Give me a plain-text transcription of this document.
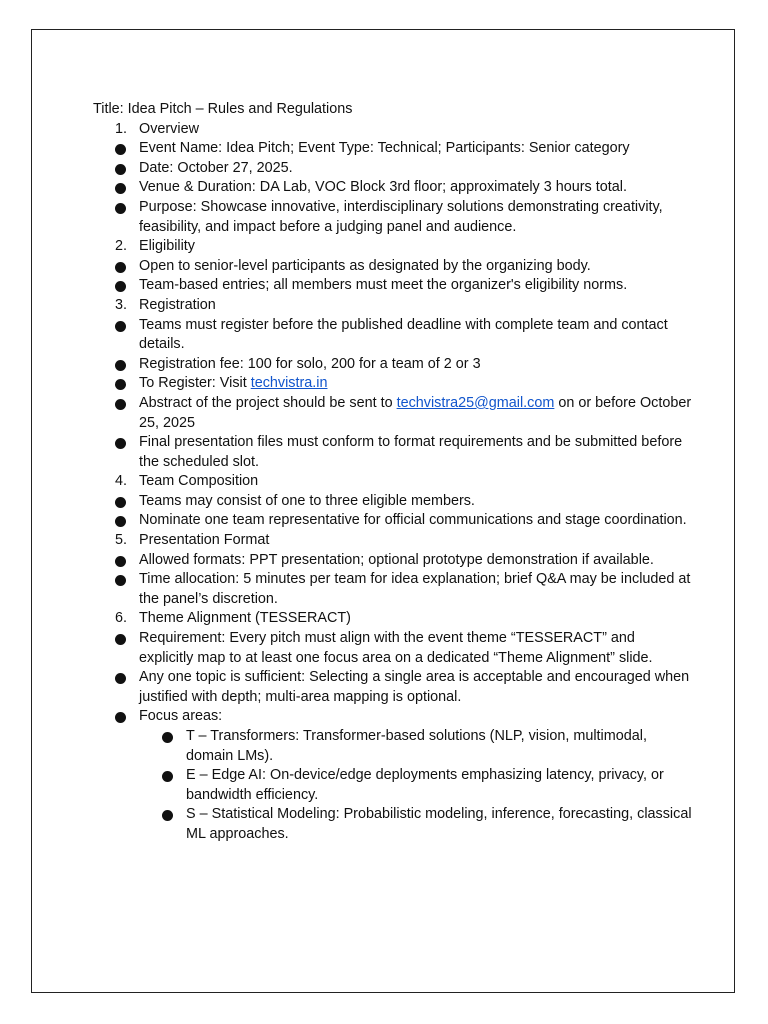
Title: Idea Pitch – Rules and Regulations
1. Overview
Event Name: Idea Pitch; Event Type: Technical; Participants: Senior category
Date: October 27, 2025.
Venue & Duration: DA Lab, VOC Block 3rd floor; approximately 3 hours total.
Purpose: Showcase innovative, interdisciplinary solutions demonstrating creativity, feasibility, and impact before a judging panel and audience.
2. Eligibility
Open to senior-level participants as designated by the organizing body.
Team-based entries; all members must meet the organizer's eligibility norms.
3. Registration
Teams must register before the published deadline with complete team and contact details.
Registration fee: 100 for solo, 200 for a team of 2 or 3
To Register: Visit techvistra.in
Abstract of the project should be sent to techvistra25@gmail.com on or before October 25, 2025
Final presentation files must conform to format requirements and be submitted before the scheduled slot.
4. Team Composition
Teams may consist of one to three eligible members.
Nominate one team representative for official communications and stage coordination.
5. Presentation Format
Allowed formats: PPT presentation; optional prototype demonstration if available.
Time allocation: 5 minutes per team for idea explanation; brief Q&A may be included at the panel’s discretion.
6. Theme Alignment (TESSERACT)
Requirement: Every pitch must align with the event theme “TESSERACT” and explicitly map to at least one focus area on a dedicated “Theme Alignment” slide.
Any one topic is sufficient: Selecting a single area is acceptable and encouraged when justified with depth; multi-area mapping is optional.
Focus areas:
T – Transformers: Transformer-based solutions (NLP, vision, multimodal, domain LMs).
E – Edge AI: On-device/edge deployments emphasizing latency, privacy, or bandwidth efficiency.
S – Statistical Modeling: Probabilistic modeling, inference, forecasting, classical ML approaches.
